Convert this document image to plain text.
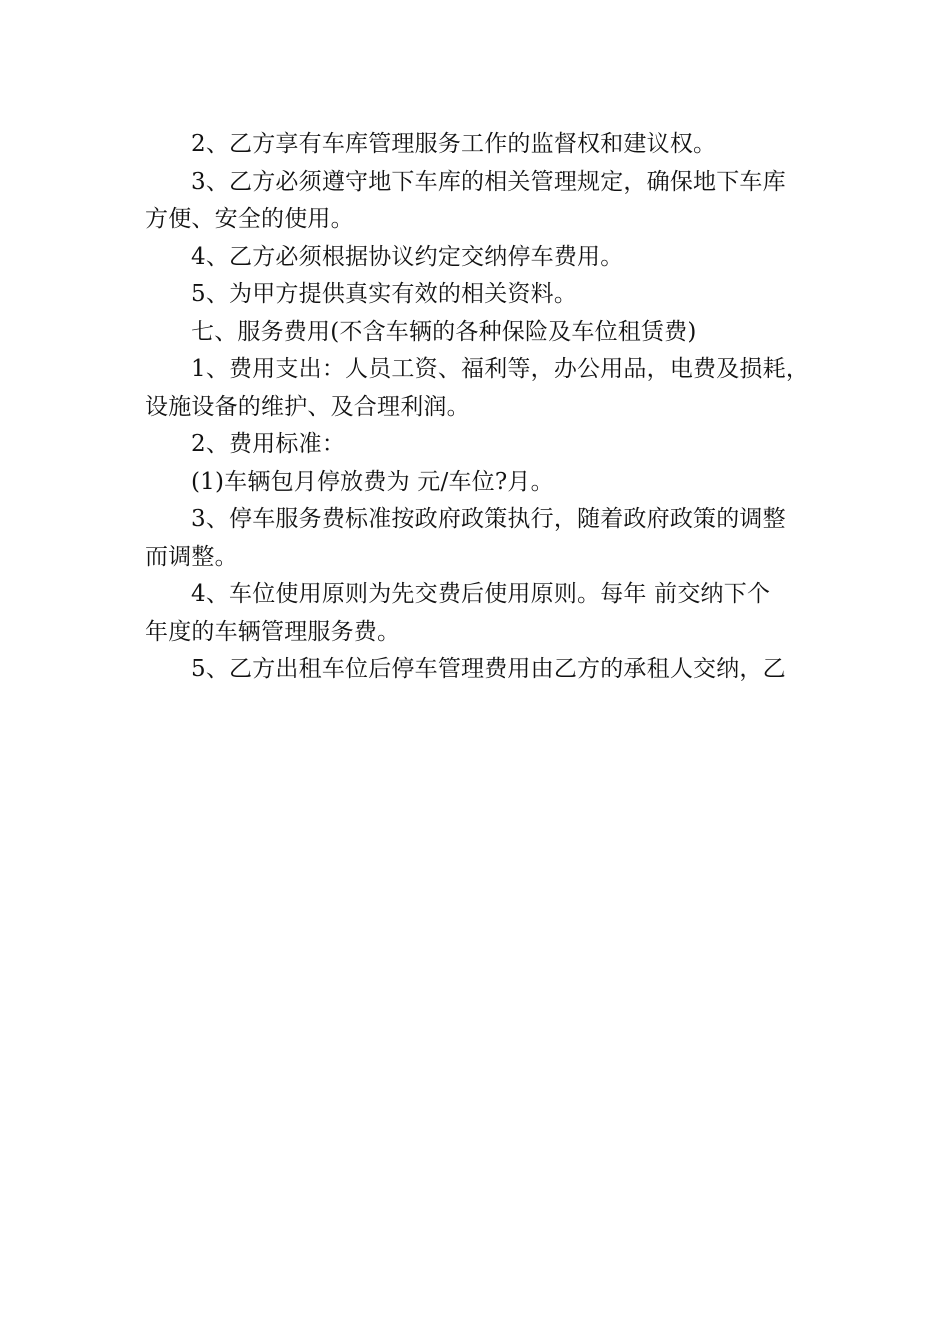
2、乙方享有车库管理服务工作的监督权和建议权。
3、乙方必须遵守地下车库的相关管理规定，确保地下车库
方便、安全的使用。
4、乙方必须根据协议约定交纳停车费用。
5、为甲方提供真实有效的相关资料。
七、服务费用(不含车辆的各种保险及车位租赁费)
1、费用支出：人员工资、福利等，办公用品，电费及损耗，
设施设备的维护、及合理利润。
2、费用标准：
(1)车辆包月停放费为 元/车位?月。
3、停车服务费标准按政府政策执行，随着政府政策的调整
而调整。
4、车位使用原则为先交费后使用原则。每年 前交纳下个
年度的车辆管理服务费。
5、乙方出租车位后停车管理费用由乙方的承租人交纳，乙
